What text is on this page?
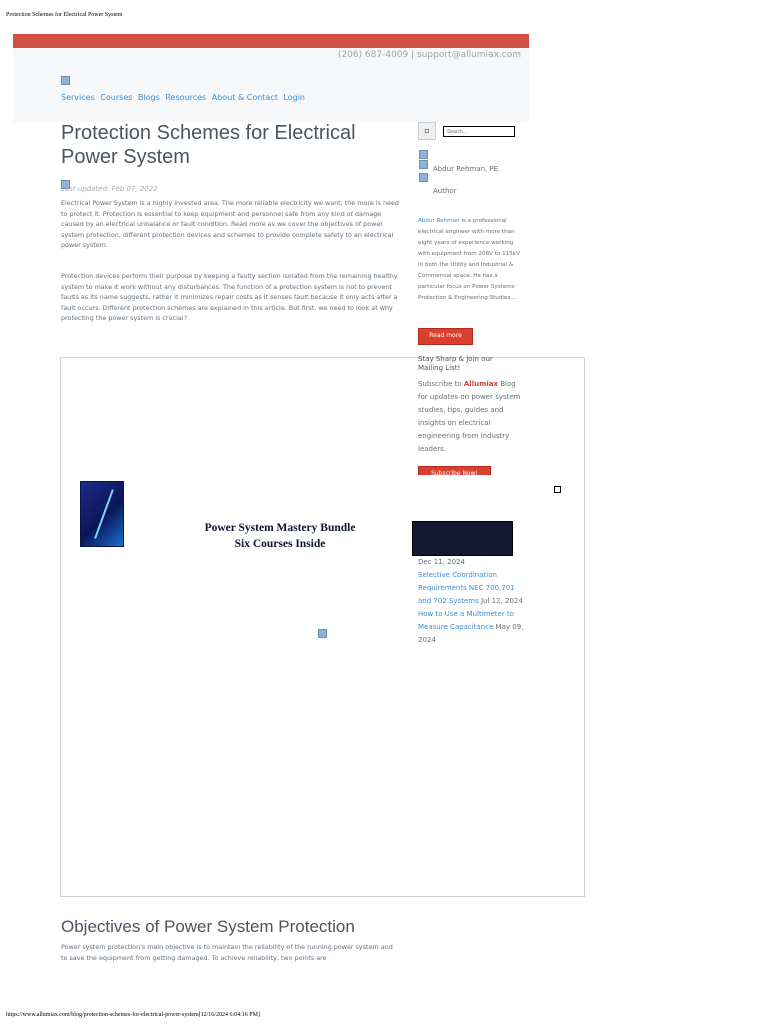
Protection Schemes for Electrical Power System
(206) 687-4009 | support@allumiax.com
Services Courses Blogs Resources About & Contact Login
Protection Schemes for Electrical Power System
Last updated: Feb 07, 2022

Electrical Power System is a highly invested area. The more reliable electricity we want, the more is need to protect it. Protection is essential to keep equipment and personnel safe from any kind of damage caused by an electrical unbalance or fault condition. Read more as we cover the objectives of power system protection, different protection devices and schemes to provide complete safety to an electrical power system.

Protection devices perform their purpose by keeping a faulty section isolated from the remaining healthy system to make it work without any disturbances. The function of a protection system is not to prevent faults as its name suggests, rather it minimizes repair costs as it senses fault because it only acts after a fault occurs. Different protection schemes are explained in this article. But first, we need to look at why protecting the power system is crucial?

Power System Mastery Bundle
Six Courses Inside
Objectives of Power System Protection

Power system protection's main objective is to maintain the reliability of the running power system and to save the equipment from getting damaged. To achieve reliability, two points are

▫
Search...
Abdur Rehman, PE
Author
Abdur Rehman is a professional electrical engineer with more than eight years of experience working with equipment from 208V to 115kV in both the Utility and Industrial & Commercial space. He has a particular focus on Power Systems Protection & Engineering Studies....
Read more
Stay Sharp & Join our Mailing List!
Subscribe to Allumiax Blog for updates on power system studies, tips, guides and insights on electrical engineering from industry leaders.
Subscribe Now!
Dec 11, 2024
Selective Coordination Requirements NEC 700,701 and 702 Systems Jul 12, 2024
How to Use a Multimeter to Measure Capacitance May 09, 2024
https://www.allumiax.com/blog/protection-schemes-for-electrical-power-system[12/16/2024 6:04:16 PM]
